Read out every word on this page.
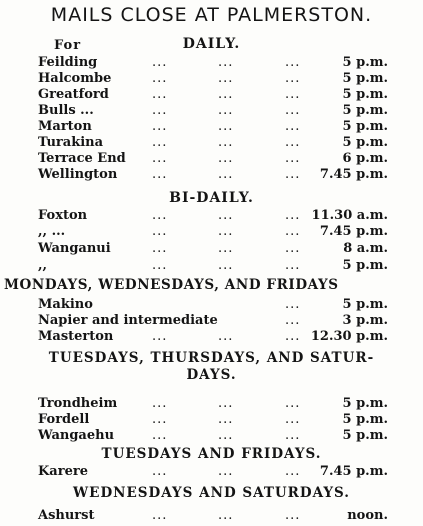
MAILS CLOSE AT PALMERSTON.
For	DAILY.
Feilding	...	...	...	5 p.m.
Halcombe	...	...	...	5 p.m.
Greatford	...	...	...	5 p.m.
Bulls ...	...	...	...	5 p.m.
Marton	...	...	...	5 p.m.
Turakina	...	...	...	5 p.m.
Terrace End ...	...	...	6 p.m.
Wellington	...	...	... 7.45 p.m.
BI-DAILY.
Foxton	...	...	... 11.30 a.m.
,, ...	...	...	... 7.45 p.m.
Wanganui	...	...	...	8 a.m.
,,	...	...	...	5 p.m.
MONDAYS, WEDNESDAYS, AND FRIDAYS
Makino	...	5 p.m.
Napier and intermediate	...	3 p.m.
Masterton	...	...	... 12.30 p.m.
TUESDAYS, THURSDAYS, AND SATUR-
DAYS.
Trondheim	...	...	...	5 p.m.
Fordell	...	...	...	5 p.m.
Wangaehu	...	...	...	5 p.m.
TUESDAYS AND FRIDAYS.
Karere	...	...	... 7.45 p.m.
WEDNESDAYS AND SATURDAYS.
Ashurst	...	...	...	noon.
